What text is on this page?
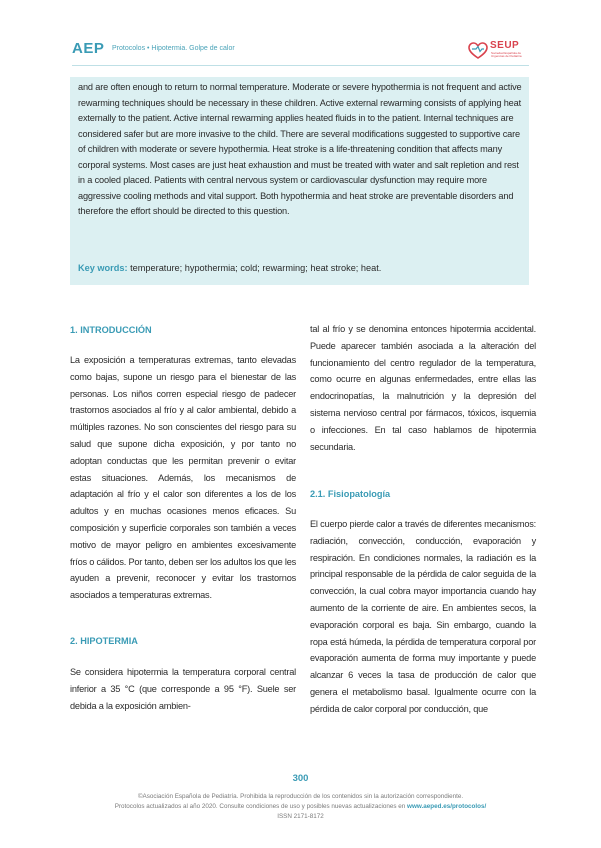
AEP Protocolos • Hipotermia. Golpe de calor	SEUP
Sociedad Española de Urgencias de Pediatría

and are often enough to return to normal temperature. Moderate or severe hypothermia is not frequent and active rewarming techniques should be necessary in these children. Active external rewarming consists of applying heat externally to the patient. Active internal rewarming applies heated fluids in to the patient. Internal techniques are considered safer but are more invasive to the child. There are several modifications suggested to supportive care of children with moderate or severe hypothermia. Heat stroke is a life-threatening condition that affects many corporal systems. Most cases are just heat exhaustion and must be treated with water and salt repletion and rest in a cooled placed. Patients with central nervous system or cardiovascular dysfunction may require more aggressive cooling methods and vital support. Both hypothermia and heat stroke are preventable disorders and therefore the effort should be directed to this question.

Key words: temperature; hypothermia; cold; rewarming; heat stroke; heat.

1. INTRODUCCIÓN

La exposición a temperaturas extremas, tanto elevadas como bajas, supone un riesgo para el bienestar de las personas. Los niños corren especial riesgo de padecer trastornos asociados al frío y al calor ambiental, debido a múltiples razones. No son conscientes del riesgo para su salud que supone dicha exposición, y por tanto no adoptan conductas que les permitan prevenir o evitar estas situaciones. Además, los mecanismos de adaptación al frío y el calor son diferentes a los de los adultos y en muchas ocasiones menos eficaces. Su composición y superficie corporales son también a veces motivo de mayor peligro en ambientes excesivamente fríos o cálidos. Por tanto, deben ser los adultos los que les ayuden a prevenir, reconocer y evitar los trastornos asociados a temperaturas extremas.

2. HIPOTERMIA

Se considera hipotermia la temperatura corporal central inferior a 35 °C (que corresponde a 95 °F). Suele ser debida a la exposición ambien-

tal al frío y se denomina entonces hipotermia accidental. Puede aparecer también asociada a la alteración del funcionamiento del centro regulador de la temperatura, como ocurre en algunas enfermedades, entre ellas las endocrinopatías, la malnutrición y la depresión del sistema nervioso central por fármacos, tóxicos, isquemia o infecciones. En tal caso hablamos de hipotermia secundaria.

2.1. Fisiopatología

El cuerpo pierde calor a través de diferentes mecanismos: radiación, convección, conducción, evaporación y respiración. En condiciones normales, la radiación es la principal responsable de la pérdida de calor seguida de la convección, la cual cobra mayor importancia cuando hay aumento de la corriente de aire. En ambientes secos, la evaporación corporal es baja. Sin embargo, cuando la ropa está húmeda, la pérdida de temperatura corporal por evaporación aumenta de forma muy importante y puede alcanzar 6 veces la tasa de producción de calor que genera el metabolismo basal. Igualmente ocurre con la pérdida de calor corporal por conducción, que

300
©Asociación Española de Pediatría. Prohibida la reproducción de los contenidos sin la autorización correspondiente.
Protocolos actualizados al año 2020. Consulte condiciones de uso y posibles nuevas actualizaciones en www.aeped.es/protocolos/
ISSN 2171-8172
